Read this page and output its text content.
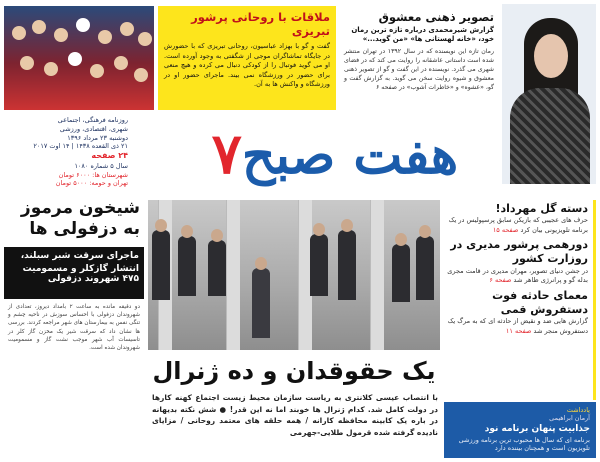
ملاقات با روحانی پرشور تبریزی

گفت و گو با بهزاد عباسیون، روحانی تبریزی که با حضورش در جایگاه تماشاگران موجی از شگفتی به وجود آورده است. او می گوید فوتبال را از کودکی دنبال می کرده و هیچ منعی برای حضور در ورزشگاه نمی بیند. ماجرای حضور او در ورزشگاه و واکنش ها به آن.

تصویر ذهنی معشوق
گزارش شیرمحمدی درباره تازه ترین رمان خود، «خانه لهستانی ها» «من گوید...»
رمان تازه این نویسنده که در سال ۱۳۹۲ در تهران منتشر شده است داستانی عاشقانه را روایت می کند که در فضای شهری می گذرد. نویسنده در این گفت و گو از تصویر ذهنی معشوق و شیوه روایت سخن می گوید. به گزارش گفت و گو، «عشوه» و «خاطرات آشوب» در صفحه ۶
هفت صبح۷
روزنامه فرهنگی، اجتماعی
شهری، اقتصادی، ورزشی
دوشنبه ۲۳ مرداد ۱۳۹۶
۲۱ ذی القعده ۱۴۳۸ | ۱۴ اوت ۲۰۱۷
۲۴ صفحه
سال ۵ شماره ۱۰۸۰
شهرستان ها: ۶۰۰۰ تومان
تهران و حومه: ۵۰۰۰ تومان
شیخون مرموز به دزفولی ها
ماجرای سرقت شبر سبلند،
انتشار گازکلر و مسمومیت ۴۷۵ شهروند دزفولی
دو دقیقه مانده به ساعت ۲ بامداد دیروز، تعدادی از شهروندان دزفولی با احساس سوزش در ناحیه چشم و تنگی نفس به بیمارستان های شهر مراجعه کردند. بررسی ها نشان داد که سرقت شیر یک مخزن گاز کلر در تاسیسات آب شهر موجب نشت گاز و مسمومیت شهروندان شده است.
یک حقوقدان و ده ژنرال
با انتصاب عیسی کلانتری به ریاست سازمان محیط زیست اجتماع کهنه کارها در دولت کامل شد. کدام ژنرال ها خوبند اما نه این قدر! ● شش نکته بدیهانه در باره یک کابینه محافظه کارانه / همه حلقه های معتمد روحانی / مزایای نادیده گرفته شده قرمول طلایی-جهرمی
دسته گل مهرداد!
حرف های عجیبی که بازیکن سابق پرسپولیس در یک برنامه تلویزیونی بیان کرد صفحه ۱۵
دورهمی پرشور مدیری در روزارت کشور
در جشن دنیای تصویر، مهران مدیری در قامت مجری بدله گو و پرانرژی ظاهر شد صفحه ۶
معمای حادثه فوت دستفروش قمی
گزارش هایی ضد و نقیض از حادثه ای که به مرگ یک دستفروش منجر شد صفحه ۱۱
یادداشت
آرمان ابراهیمی
جذابیت پنهان برنامه نود
برنامه ای که سال ها محبوب ترین برنامه ورزشی تلویزیون است و همچنان بیننده دارد
